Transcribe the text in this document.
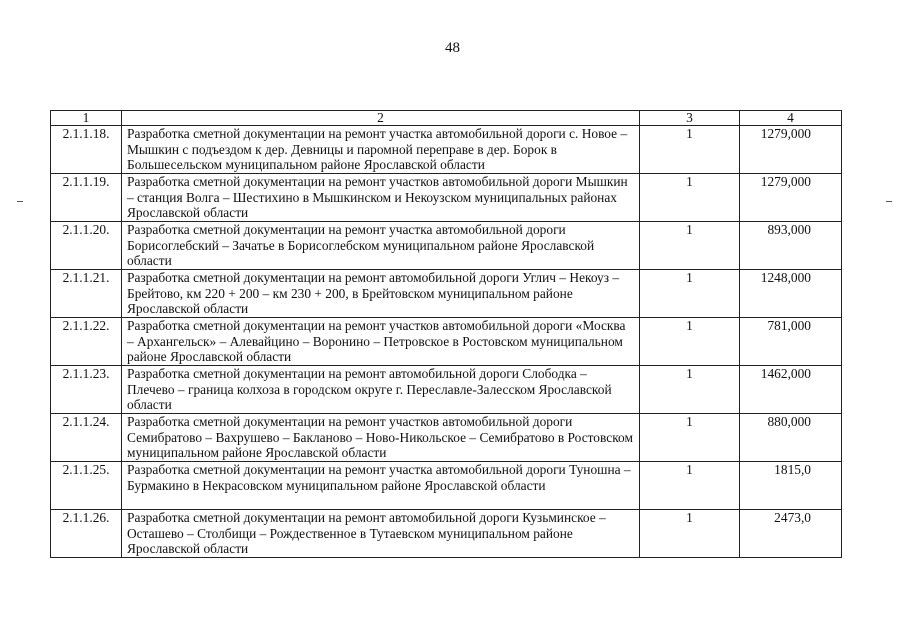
48
1	2	3	4
2.1.1.18.	Разработка сметной документации на ремонт участка автомобильной дороги с. Новое – Мышкин с подъездом к дер. Девницы и паромной переправе в дер. Борок в Большесельском муниципальном районе Ярославской области	1	1279,000
2.1.1.19.	Разработка сметной документации на ремонт участков автомобильной дороги Мышкин – станция Волга – Шестихино в Мышкинском и Некоузском муниципальных районах Ярославской области	1	1279,000
2.1.1.20.	Разработка сметной документации на ремонт участка автомобильной дороги Борисоглебский – Зачатье в Борисоглебском муниципальном районе Ярославской области	1	893,000
2.1.1.21.	Разработка сметной документации на ремонт автомобильной дороги Углич – Некоуз – Брейтово, км 220 + 200 – км 230 + 200, в Брейтовском муниципальном районе Ярославской области	1	1248,000
2.1.1.22.	Разработка сметной документации на ремонт участков автомобильной дороги «Москва – Архангельск» – Алевайцино – Воронино – Петровское в Ростовском муниципальном районе Ярославской области	1	781,000
2.1.1.23.	Разработка сметной документации на ремонт автомобильной дороги Слободка – Плечево – граница колхоза в городском округе г. Переславле-Залесском Ярославской области	1	1462,000
2.1.1.24.	Разработка сметной документации на ремонт участков автомобильной дороги Семибратово – Вахрушево – Бакланово – Ново-Никольское – Семибратово в Ростовском муниципальном районе Ярославской области	1	880,000
2.1.1.25.	Разработка сметной документации на ремонт участка автомобильной дороги Туношна – Бурмакино в Некрасовском муниципальном районе Ярославской области	1	1815,0
2.1.1.26.	Разработка сметной документации на ремонт автомобильной дороги Кузьминское – Осташево – Столбищи – Рождественное в Тутаевском муниципальном районе Ярославской области	1	2473,0
